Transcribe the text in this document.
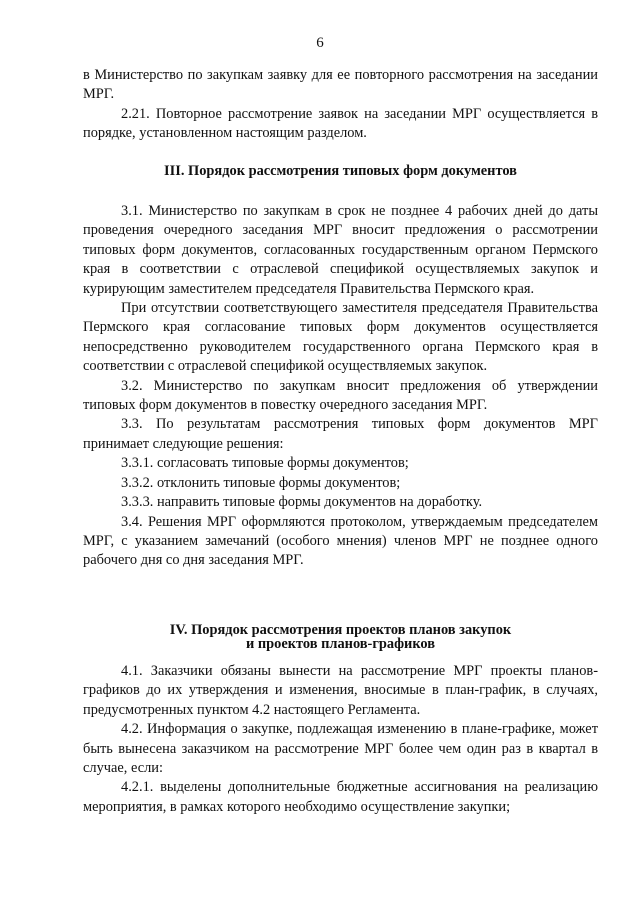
6

в Министерство по закупкам заявку для ее повторного рассмотрения на заседании МРГ.

2.21. Повторное рассмотрение заявок на заседании МРГ осуществляется в порядке, установленном настоящим разделом.

III. Порядок рассмотрения типовых форм документов

3.1. Министерство по закупкам в срок не позднее 4 рабочих дней до даты проведения очередного заседания МРГ вносит предложения о рассмотрении типовых форм документов, согласованных государственным органом Пермского края в соответствии с отраслевой спецификой осуществляемых закупок и курирующим заместителем председателя Правительства Пермского края.

При отсутствии соответствующего заместителя председателя Правительства Пермского края согласование типовых форм документов осуществляется непосредственно руководителем государственного органа Пермского края в соответствии с отраслевой спецификой осуществляемых закупок.

3.2. Министерство по закупкам вносит предложения об утверждении типовых форм документов в повестку очередного заседания МРГ.

3.3. По результатам рассмотрения типовых форм документов МРГ принимает следующие решения:

3.3.1. согласовать типовые формы документов;

3.3.2. отклонить типовые формы документов;

3.3.3. направить типовые формы документов на доработку.

3.4. Решения МРГ оформляются протоколом, утверждаемым председателем МРГ, с указанием замечаний (особого мнения) членов МРГ не позднее одного рабочего дня со дня заседания МРГ.

IV. Порядок рассмотрения проектов планов закупок
и проектов планов-графиков

4.1. Заказчики обязаны вынести на рассмотрение МРГ проекты планов-графиков до их утверждения и изменения, вносимые в план-график, в случаях, предусмотренных пунктом 4.2 настоящего Регламента.

4.2. Информация о закупке, подлежащая изменению в плане-графике, может быть вынесена заказчиком на рассмотрение МРГ более чем один раз в квартал в случае, если:

4.2.1. выделены дополнительные бюджетные ассигнования на реализацию мероприятия, в рамках которого необходимо осуществление закупки;
